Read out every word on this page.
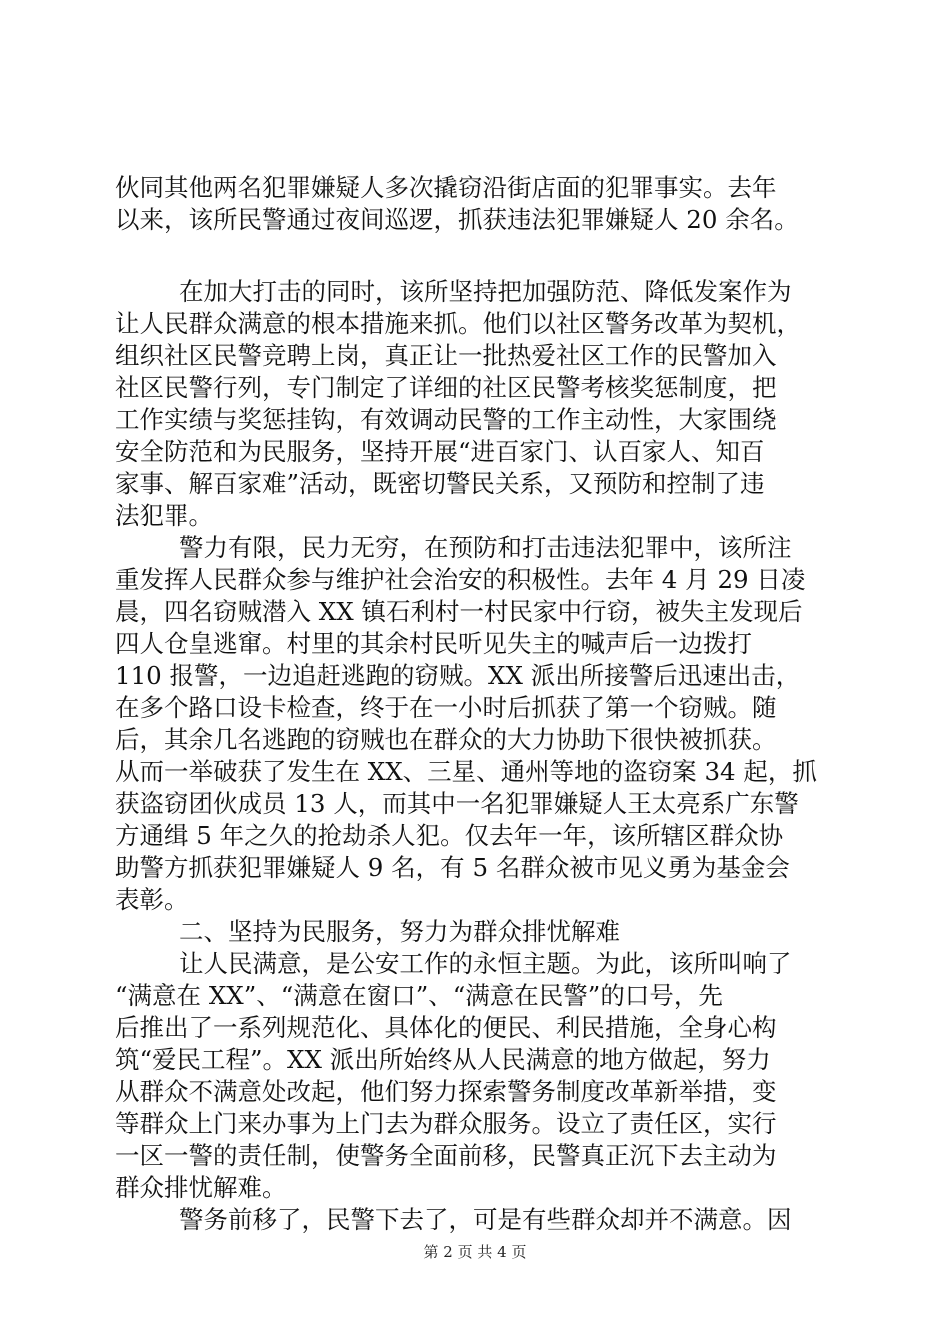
伙同其他两名犯罪嫌疑人多次撬窃沿街店面的犯罪事实。去年
以来，该所民警通过夜间巡逻，抓获违法犯罪嫌疑人 20 余名。
在加大打击的同时，该所坚持把加强防范、降低发案作为
让人民群众满意的根本措施来抓。他们以社区警务改革为契机，
组织社区民警竞聘上岗，真正让一批热爱社区工作的民警加入
社区民警行列，专门制定了详细的社区民警考核奖惩制度，把
工作实绩与奖惩挂钩，有效调动民警的工作主动性，大家围绕
安全防范和为民服务，坚持开展“进百家门、认百家人、知百
家事、解百家难”活动，既密切警民关系，又预防和控制了违
法犯罪。
警力有限，民力无穷，在预防和打击违法犯罪中，该所注
重发挥人民群众参与维护社会治安的积极性。去年 4 月 29 日凌
晨，四名窃贼潜入 XX 镇石利村一村民家中行窃，被失主发现后
四人仓皇逃窜。村里的其余村民听见失主的喊声后一边拨打
110 报警，一边追赶逃跑的窃贼。XX 派出所接警后迅速出击，
在多个路口设卡检查，终于在一小时后抓获了第一个窃贼。随
后，其余几名逃跑的窃贼也在群众的大力协助下很快被抓获。
从而一举破获了发生在 XX、三星、通州等地的盗窃案 34 起，抓
获盗窃团伙成员 13 人，而其中一名犯罪嫌疑人王太亮系广东警
方通缉 5 年之久的抢劫杀人犯。仅去年一年，该所辖区群众协
助警方抓获犯罪嫌疑人 9 名，有 5 名群众被市见义勇为基金会
表彰。
二、坚持为民服务，努力为群众排忧解难
让人民满意，是公安工作的永恒主题。为此，该所叫响了
“满意在 XX”、“满意在窗口”、“满意在民警”的口号，先
后推出了一系列规范化、具体化的便民、利民措施，全身心构
筑“爱民工程”。XX 派出所始终从人民满意的地方做起，努力
从群众不满意处改起，他们努力探索警务制度改革新举措，变
等群众上门来办事为上门去为群众服务。设立了责任区，实行
一区一警的责任制，使警务全面前移，民警真正沉下去主动为
群众排忧解难。
警务前移了，民警下去了，可是有些群众却并不满意。因
第 2 页 共 4 页
